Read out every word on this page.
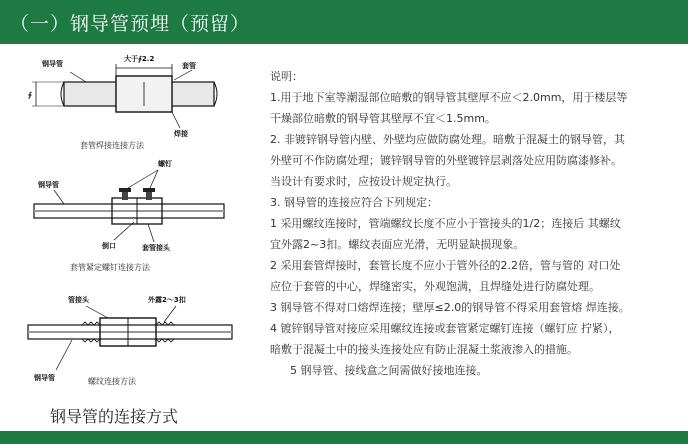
（一）钢导管预埋（预留）
钢导管
大于∮2.2
套管
∮
焊接
套管焊接连接方法
螺钉
钢导管
倒口	套管接头
套管紧定螺钉连接方法
管接头	外露2～3扣
钢导管	螺纹连接方法
钢导管的连接方式

说明：

1.用于地下室等潮湿部位暗敷的钢导管其壁厚不应＜2.0mm，用于楼层等

干燥部位暗敷的钢导管其壁厚不宜＜1.5mm。

2. 非镀锌钢导管内壁、外壁均应做防腐处理。暗敷于混凝土的钢导管，其

外壁可不作防腐处理；镀锌钢导管的外壁镀锌层剥落处应用防腐漆修补。

当设计有要求时，应按设计规定执行。

3. 钢导管的连接应符合下列规定：

1 采用螺纹连接时，管端螺纹长度不应小于管接头的1/2；连接后 其螺纹

宜外露2~3扣。螺纹表面应光滑，无明显缺损现象。

2 采用套管焊接时，套管长度不应小于管外径的2.2倍，管与管的 对口处

应位于套管的中心，焊缝密实，外观饱满，且焊缝处进行防腐处理。

3 钢导管不得对口熔焊连接；壁厚≤2.0的钢导管不得采用套管熔 焊连接。

4 镀锌钢导管对接应采用螺纹连接或套管紧定螺钉连接（螺钉应 拧紧），

暗敷于混凝土中的接头连接处应有防止混凝土浆液渗入的措施。

5 钢导管、接线盒之间需做好接地连接。
